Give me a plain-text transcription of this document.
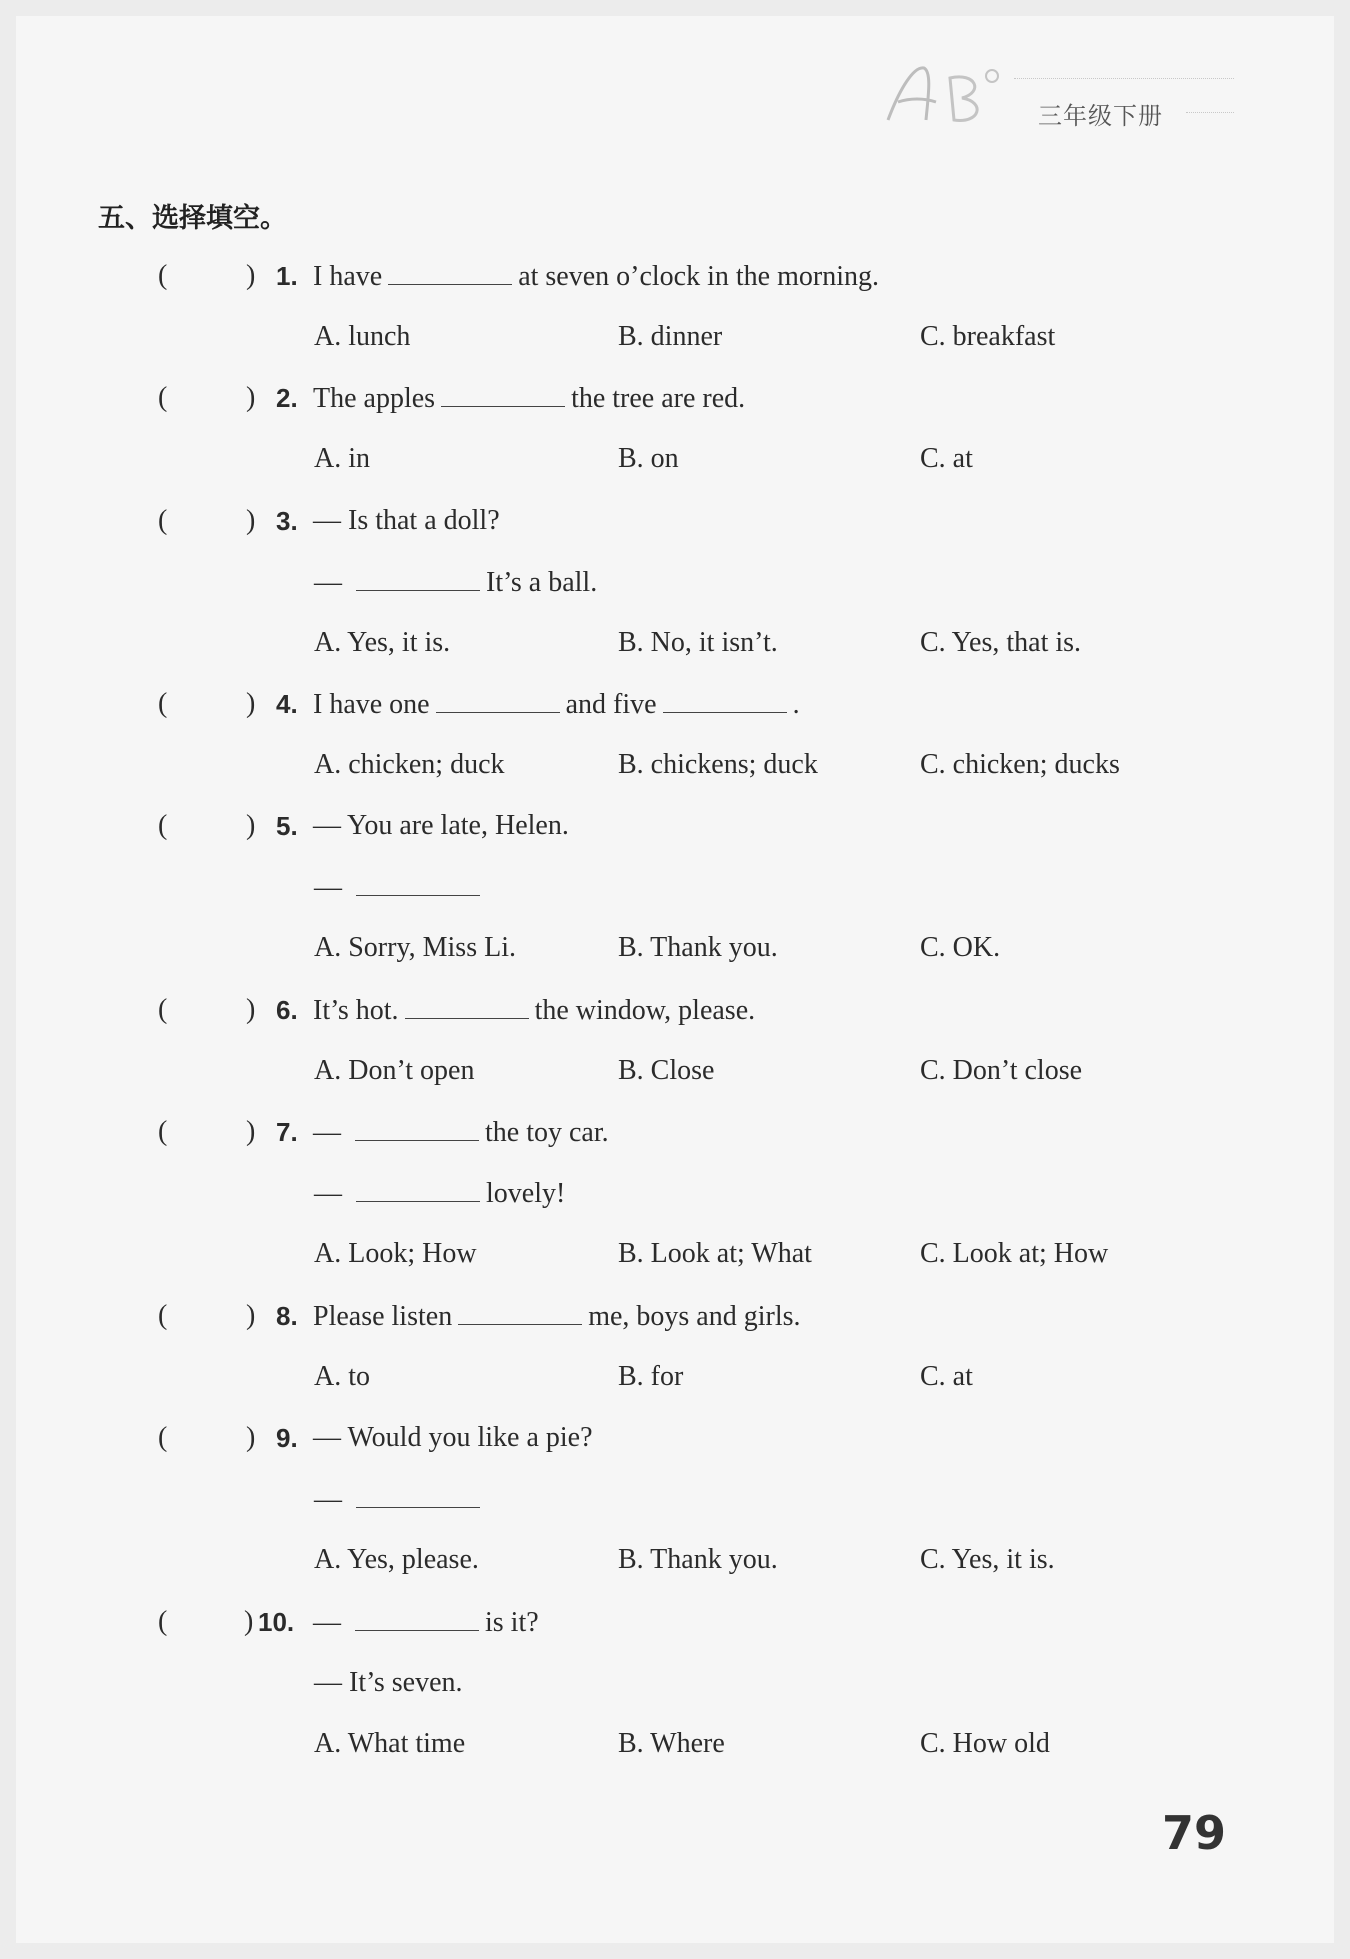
三年级下册
五、选择填空。
(	) 1. I have	at seven o’clock in the morning.
A. lunch	B. dinner	C. breakfast
(	) 2. The apples	the tree are red.
A. in	B. on	C. at
(	) 3. — Is that a doll?
—	It’s a ball.
A. Yes, it is.	B. No, it isn’t.	C. Yes, that is.
(	) 4. I have one	and five	.
A. chicken; duck	B. chickens; duck	C. chicken; ducks
(	) 5. — You are late, Helen.
—
A. Sorry, Miss Li.	B. Thank you.	C. OK.
(	) 6. It’s hot.	the window, please.
A. Don’t open	B. Close	C. Don’t close
(	) 7. —	the toy car.
—	lovely!
A. Look; How	B. Look at; What	C. Look at; How
(	) 8. Please listen	me, boys and girls.
A. to	B. for	C. at
(	) 9. — Would you like a pie?
—
A. Yes, please.	B. Thank you.	C. Yes, it is.
(	) 10. —	is it?
— It’s seven.
A. What time	B. Where	C. How old
79
